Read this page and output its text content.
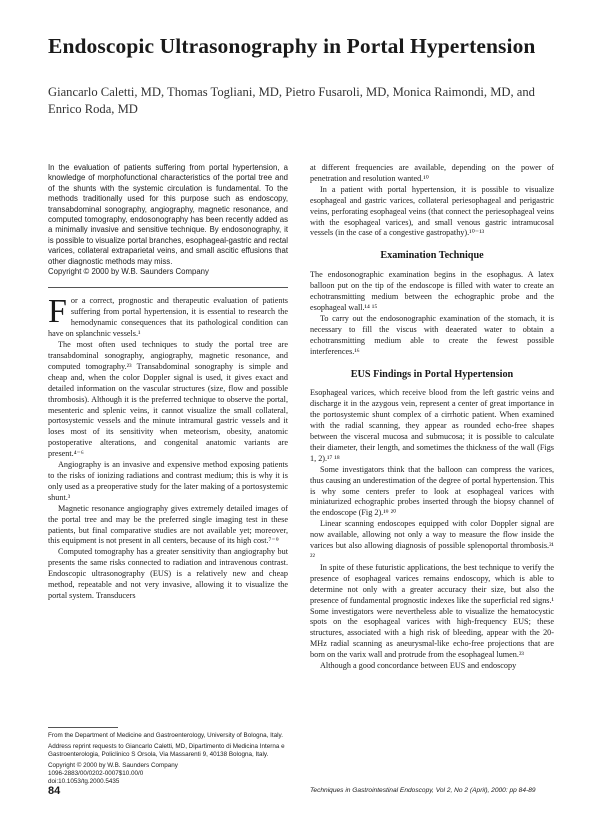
Endoscopic Ultrasonography in Portal Hypertension
Giancarlo Caletti, MD, Thomas Togliani, MD, Pietro Fusaroli, MD, Monica Raimondi, MD, and Enrico Roda, MD

In the evaluation of patients suffering from portal hypertension, a knowledge of morphofunctional characteristics of the portal tree and of the shunts with the systemic circulation is fundamental. To the methods traditionally used for this purpose such as endoscopy, transabdominal sonography, angiography, magnetic resonance, and computed tomography, endosonography has been recently added as a minimally invasive and sensitive technique. By endosonography, it is possible to visualize portal branches, esophageal-gastric and rectal varices, collateral extraparietal veins, and small ascitic effusions that other diagnostic methods may miss.

Copyright © 2000 by W.B. Saunders Company

For a correct, prognostic and therapeutic evaluation of patients suffering from portal hypertension, it is essential to research the hemodynamic consequences that its pathological condition can have on splanchnic vessels.¹

The most often used techniques to study the portal tree are transabdominal sonography, angiography, magnetic resonance, and computed tomography.²³ Transabdominal sonography is simple and cheap and, when the color Doppler signal is used, it gives exact and detailed information on the vascular structures (size, flow and possible thrombosis). Although it is the preferred technique to observe the portal, mesenteric and splenic veins, it cannot visualize the small collateral, portosystemic vessels and the minute intramural gastric vessels and it loses most of its sensitivity when meteorism, obesity, anatomic postoperative alterations, and congenital anatomic variants are present.⁴⁻⁶

Angiography is an invasive and expensive method exposing patients to the risks of ionizing radiations and contrast medium; this is why it is only used as a preoperative study for the later making of a portosystemic shunt.³

Magnetic resonance angiography gives extremely detailed images of the portal tree and may be the preferred single imaging test in these patients, but final comparative studies are not available yet; moreover, this equipment is not present in all centers, because of its high cost.⁷⁻⁹

Computed tomography has a greater sensitivity than angiography but presents the same risks connected to radiation and intravenous contrast. Endoscopic ultrasonography (EUS) is a relatively new and cheap method, repeatable and not very invasive, allowing it to visualize the portal system. Transducers

From the Department of Medicine and Gastroenterology, University of Bologna, Italy.

Address reprint requests to Giancarlo Caletti, MD, Dipartimento di Medicina Interna e Gastroenterologia, Policlinico S Orsola, Via Massarenti 9, 40138 Bologna, Italy.

Copyright © 2000 by W.B. Saunders Company

1096-2883/00/0202-0007$10.00/0

doi:10.1053/tg.2000.5435

at different frequencies are available, depending on the power of penetration and resolution wanted.¹⁰

In a patient with portal hypertension, it is possible to visualize esophageal and gastric varices, collateral periesophageal and perigastric veins, perforating esophageal veins (that connect the periesophageal veins with the esophageal varices), and small venous gastric intramucosal vessels (in the case of a congestive gastropathy).¹⁰⁻¹³

Examination Technique

The endosonographic examination begins in the esophagus. A latex balloon put on the tip of the endoscope is filled with water to create an echotransmitting medium between the echographic probe and the esophageal wall.¹⁴ ¹⁵

To carry out the endosonographic examination of the stomach, it is necessary to fill the viscus with deaerated water to obtain a echotransmitting medium able to create the fewest possible interferences.¹⁶

EUS Findings in Portal Hypertension

Esophageal varices, which receive blood from the left gastric veins and discharge it in the azygous vein, represent a center of great importance in the portosystemic shunt complex of a cirrhotic patient. When examined with the radial scanning, they appear as rounded echo-free shapes between the visceral mucosa and submucosa; it is possible to calculate their diameter, their length, and sometimes the thickness of the wall (Figs 1, 2).¹⁷ ¹⁸

Some investigators think that the balloon can compress the varices, thus causing an underestimation of the degree of portal hypertension. This is why some centers prefer to look at esophageal varices with miniaturized echographic probes inserted through the biopsy channel of the endoscope (Fig 2).¹⁹ ²⁰

Linear scanning endoscopes equipped with color Doppler signal are now available, allowing not only a way to measure the flow inside the varices but also allowing diagnosis of possible splenoportal thrombosis.²¹ ²²

In spite of these futuristic applications, the best technique to verify the presence of esophageal varices remains endoscopy, which is able to determine not only with a greater accuracy their size, but also the presence of fundamental prognostic indexes like the superficial red signs.¹ Some investigators were nevertheless able to visualize the hematocystic spots on the esophageal varices with high-frequency EUS; these structures, associated with a high risk of bleeding, appear with the 20-MHz radial scanning as aneurysmal-like echo-free projections that are born on the varix wall and protrude from the esophageal lumen.²³

Although a good concordance between EUS and endoscopy

84	Techniques in Gastrointestinal Endoscopy, Vol 2, No 2 (April), 2000: pp 84-89
